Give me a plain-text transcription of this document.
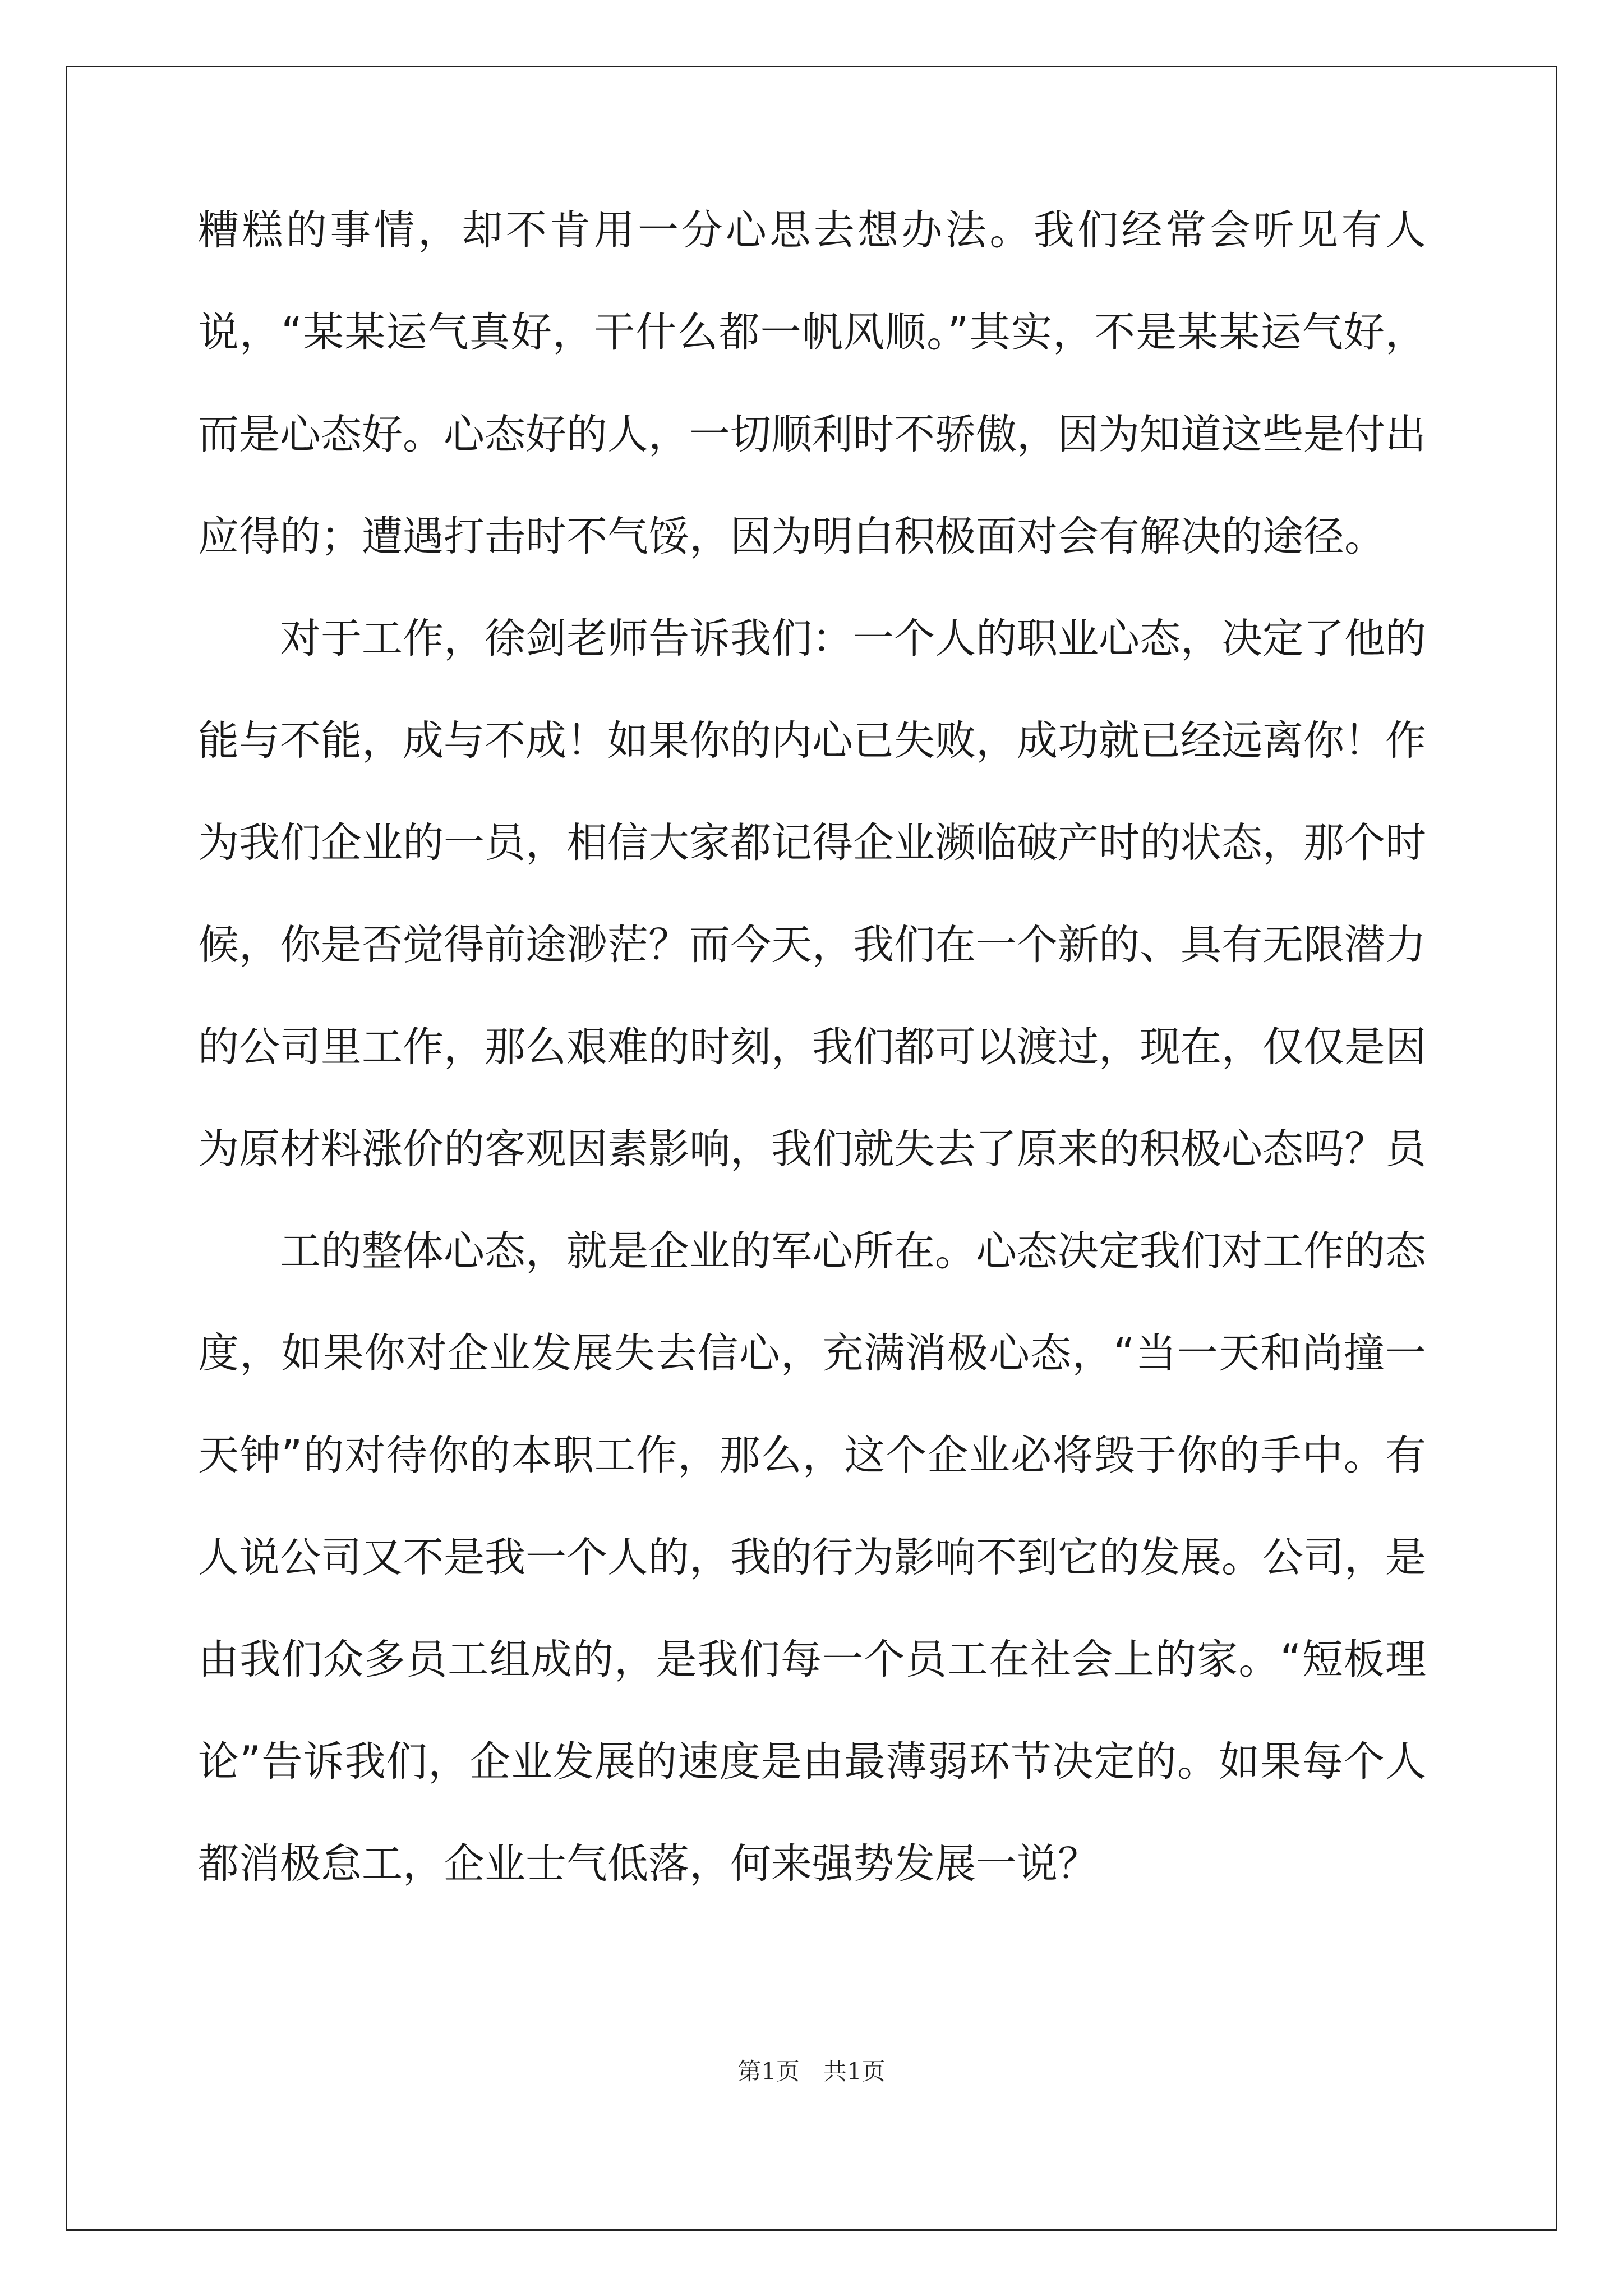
糟糕的事情，却不肯用一分心思去想办法。我们经常会听见有人说，“某某运气真好，干什么都一帆风顺。”其实，不是某某运气好，而是心态好。心态好的人，一切顺利时不骄傲，因为知道这些是付出应得的；遭遇打击时不气馁，因为明白积极面对会有解决的途径。

对于工作，徐剑老师告诉我们：一个人的职业心态，决定了他的能与不能，成与不成！如果你的内心已失败，成功就已经远离你！作为我们企业的一员，相信大家都记得企业濒临破产时的状态，那个时候，你是否觉得前途渺茫？而今天，我们在一个新的、具有无限潜力的公司里工作，那么艰难的时刻，我们都可以渡过，现在，仅仅是因为原材料涨价的客观因素影响，我们就失去了原来的积极心态吗？员

工的整体心态，就是企业的军心所在。心态决定我们对工作的态度，如果你对企业发展失去信心，充满消极心态，“当一天和尚撞一天钟”的对待你的本职工作，那么，这个企业必将毁于你的手中。有人说公司又不是我一个人的，我的行为影响不到它的发展。公司，是由我们众多员工组成的，是我们每一个员工在社会上的家。“短板理论”告诉我们，企业发展的速度是由最薄弱环节决定的。如果每个人都消极怠工，企业士气低落，何来强势发展一说？

第1页　共1页
